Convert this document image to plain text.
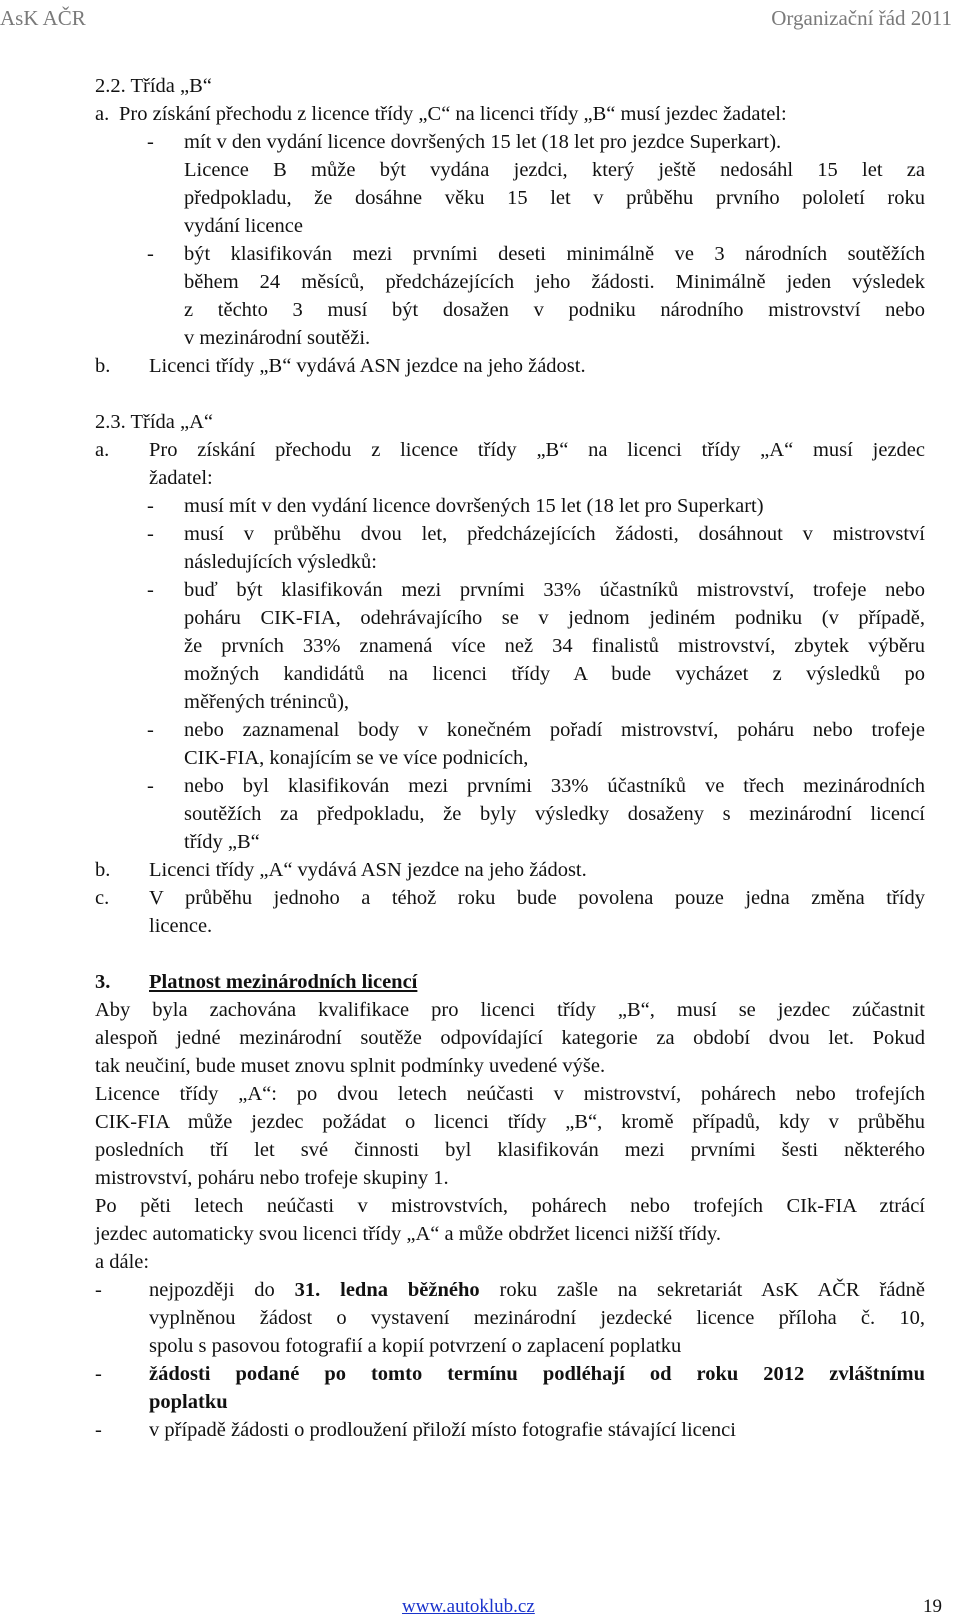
AsK AČR	Organizační řád 2011
2.2. Třída „B“
a. Pro získání přechodu z licence třídy „C“ na licenci třídy „B“ musí jezdec žadatel:
- mít v den vydání licence dovršených 15 let (18 let pro jezdce Superkart).
Licence B může být vydána jezdci, který ještě nedosáhl 15 let za
předpokladu, že dosáhne věku 15 let v průběhu prvního pololetí roku
vydání licence
- být klasifikován mezi prvními deseti minimálně ve 3 národních soutěžích
během 24 měsíců, předcházejících jeho žádosti. Minimálně jeden výsledek
z těchto 3 musí být dosažen v podniku národního mistrovství nebo
v mezinárodní soutěži.
b. Licenci třídy „B“ vydává ASN jezdce na jeho žádost.
2.3. Třída „A“
a. Pro získání přechodu z licence třídy „B“ na licenci třídy „A“ musí jezdec
žadatel:
- musí mít v den vydání licence dovršených 15 let (18 let pro Superkart)
- musí v průběhu dvou let, předcházejících žádosti, dosáhnout v mistrovství
následujících výsledků:
- buď být klasifikován mezi prvními 33% účastníků mistrovství, trofeje nebo
poháru CIK-FIA, odehrávajícího se v jednom jediném podniku (v případě,
že prvních 33% znamená více než 34 finalistů mistrovství, zbytek výběru
možných kandidátů na licenci třídy A bude vycházet z výsledků po
měřených tréninců),
- nebo zaznamenal body v konečném pořadí mistrovství, poháru nebo trofeje
CIK-FIA, konajícím se ve více podnicích,
- nebo byl klasifikován mezi prvními 33% účastníků ve třech mezinárodních
soutěžích za předpokladu, že byly výsledky dosaženy s mezinárodní licencí
třídy „B“
b. Licenci třídy „A“ vydává ASN jezdce na jeho žádost.
c. V průběhu jednoho a téhož roku bude povolena pouze jedna změna třídy
licence.
3. Platnost mezinárodních licencí
Aby byla zachována kvalifikace pro licenci třídy „B“, musí se jezdec zúčastnit
alespoň jedné mezinárodní soutěže odpovídající kategorie za období dvou let. Pokud
tak neučiní, bude muset znovu splnit podmínky uvedené výše.
Licence třídy „A“: po dvou letech neúčasti v mistrovství, pohárech nebo trofejích
CIK-FIA může jezdec požádat o licenci třídy „B“, kromě případů, kdy v průběhu
posledních tří let své činnosti byl klasifikován mezi prvními šesti některého
mistrovství, poháru nebo trofeje skupiny 1.
Po pěti letech neúčasti v mistrovstvích, pohárech nebo trofejích CIk-FIA ztrácí
jezdec automaticky svou licenci třídy „A“ a může obdržet licenci nižší třídy.
a dále:
- nejpozději do 31. ledna běžného roku zašle na sekretariát AsK AČR řádně
vyplněnou žádost o vystavení mezinárodní jezdecké licence příloha č. 10,
spolu s pasovou fotografií a kopií potvrzení o zaplacení poplatku
- žádosti podané po tomto termínu podléhají od roku 2012 zvláštnímu
poplatku
- v případě žádosti o prodloužení přiloží místo fotografie stávající licenci
www.autoklub.cz	19
